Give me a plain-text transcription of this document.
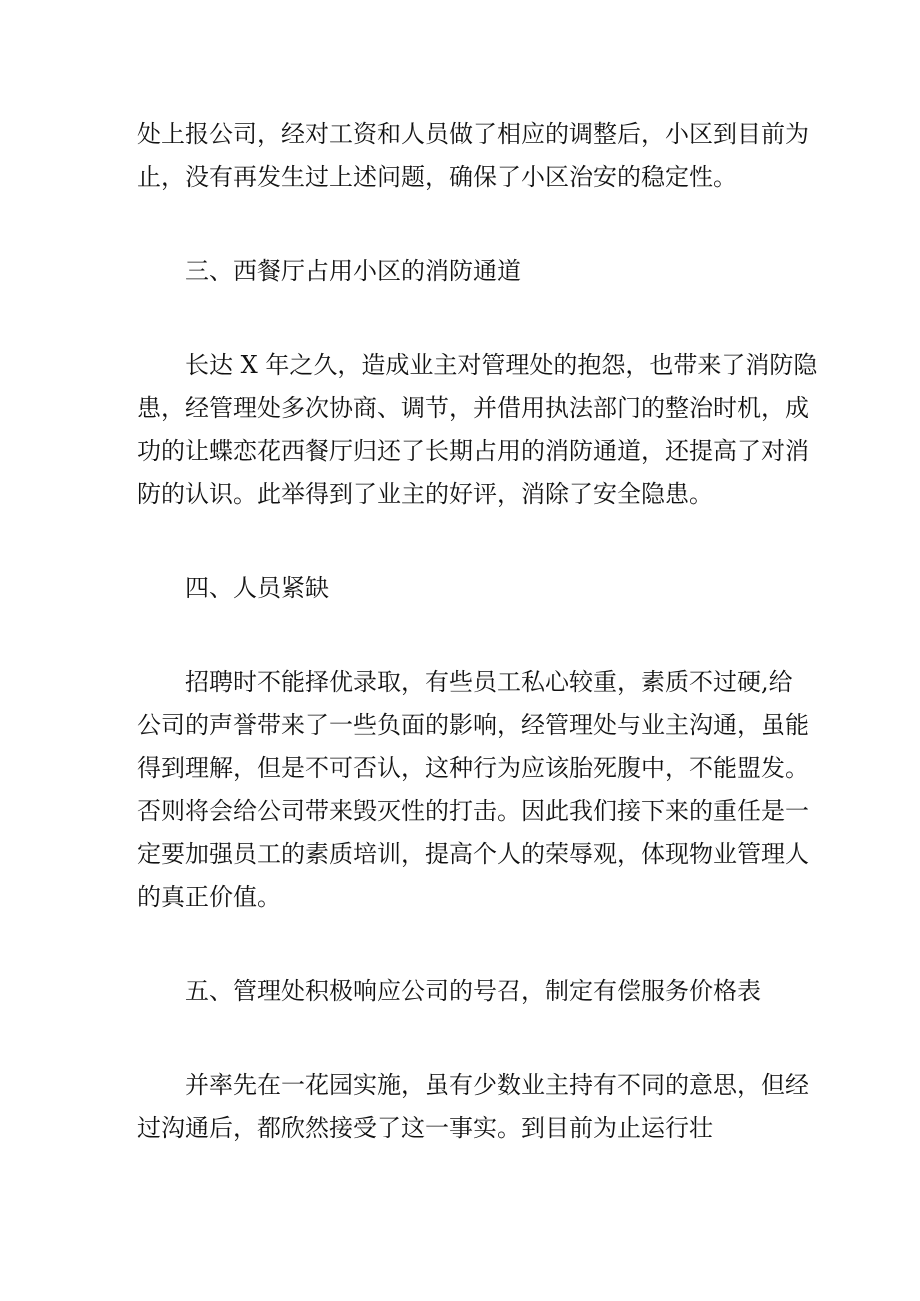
处上报公司，经对工资和人员做了相应的调整后，小区到目前为
止，没有再发生过上述问题，确保了小区治安的稳定性。
三、西餐厅占用小区的消防通道
长达 X 年之久，造成业主对管理处的抱怨，也带来了消防隐
患，经管理处多次协商、调节，并借用执法部门的整治时机，成
功的让蝶恋花西餐厅归还了长期占用的消防通道，还提高了对消
防的认识。此举得到了业主的好评，消除了安全隐患。
四、人员紧缺
招聘时不能择优录取，有些员工私心较重，素质不过硬,给
公司的声誉带来了一些负面的影响，经管理处与业主沟通，虽能
得到理解，但是不可否认，这种行为应该胎死腹中，不能盟发。
否则将会给公司带来毁灭性的打击。因此我们接下来的重任是一
定要加强员工的素质培训，提高个人的荣辱观，体现物业管理人
的真正价值。
五、管理处积极响应公司的号召，制定有偿服务价格表
并率先在一花园实施，虽有少数业主持有不同的意思，但经
过沟通后，都欣然接受了这一事实。到目前为止运行壮
